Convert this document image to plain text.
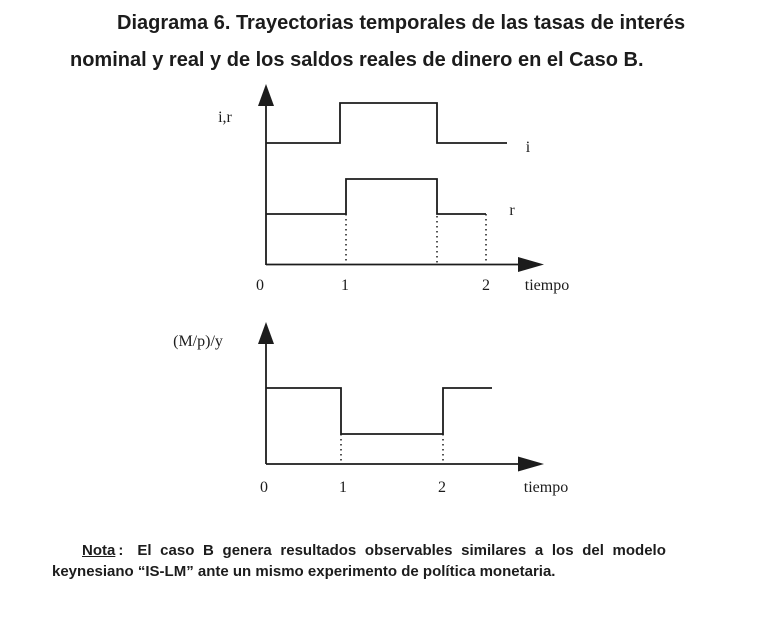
Diagrama 6. Trayectorias temporales de las tasas de interés
nominal y real y de los saldos reales de dinero en el Caso B.
i,r
tiempo
0	1	2
i
r
(M/p)/y
tiempo
0	1	2
Nota : El caso B genera resultados observables similares a los del modelo
keynesiano “IS-LM” ante un mismo experimento de política monetaria.
